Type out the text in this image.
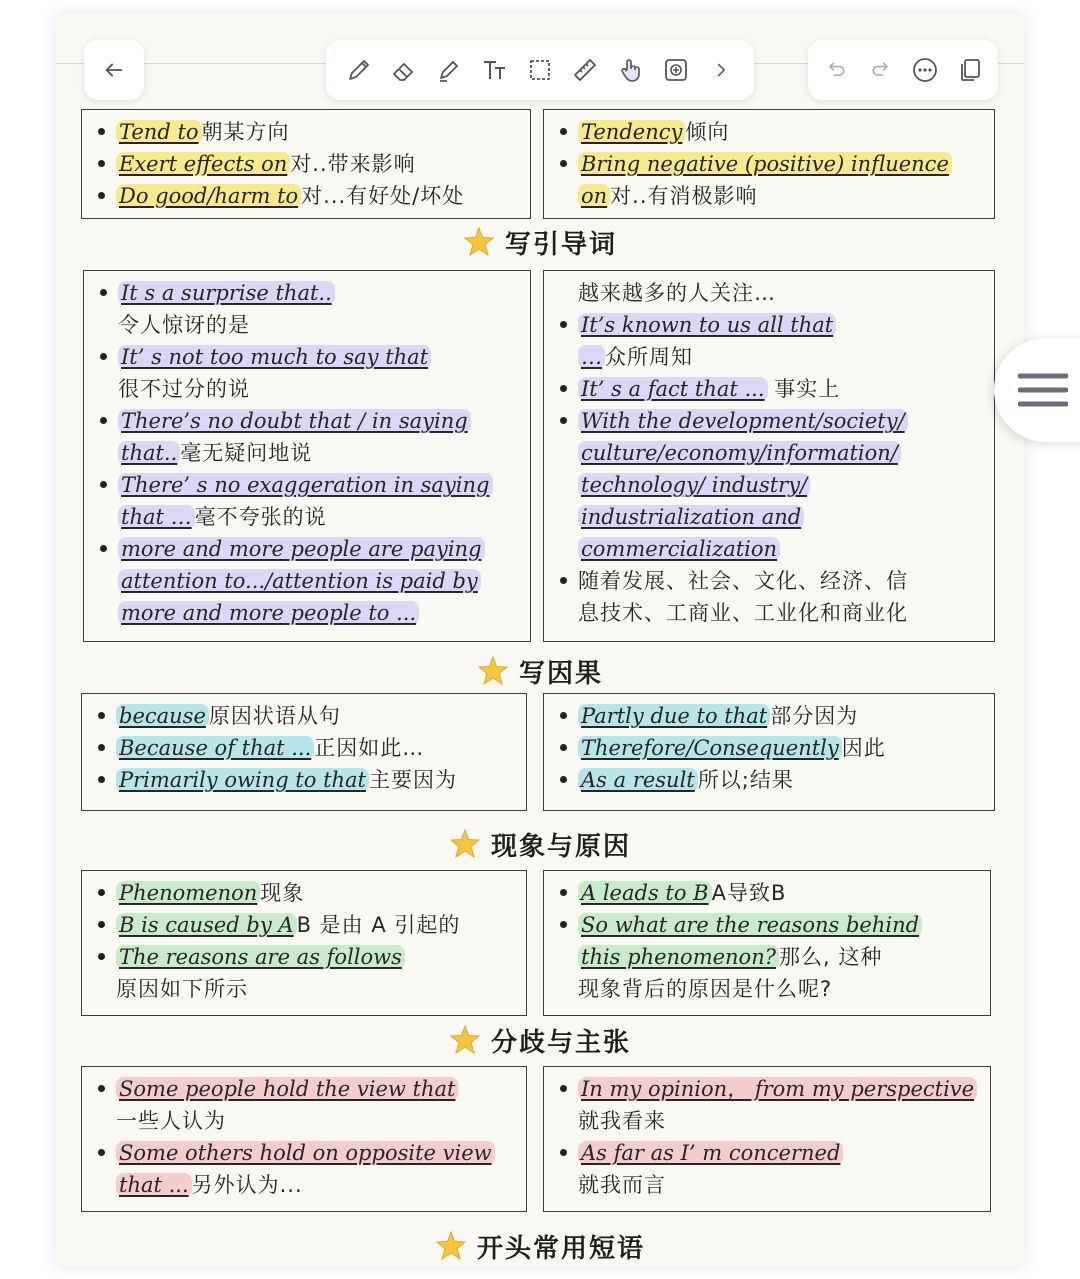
Tend to 朝某方向
Exert effects on 对..带来影响
Do good/harm to 对...有好处/坏处
Tendency 倾向
Bring negative (positive) influence
on 对..有消极影响
写引导词
It s a surprise that..
令人惊讶的是
It’ s not too much to say that
很不过分的说
There’s no doubt that / in saying
that.. 毫无疑问地说
There’ s no exaggeration in saying
that … 毫不夸张的说
more and more people are paying
attention to.../attention is paid by
more and more people to ...
越来越多的人关注…
It’s known to us all that
… 众所周知
It’ s a fact that ... 事实上
With the development/society/
culture/economy/information/
technology/ industry/
industrialization and
commercialization
随着发展、社会、文化、经济、信
息技术、工商业、工业化和商业化
写因果
because 原因状语从句
Because of that ... 正因如此…
Primarily owing to that 主要因为
Partly due to that 部分因为
Therefore/Consequently 因此
As a result 所以;结果
现象与原因
Phenomenon 现象
B is caused by A B 是由 A 引起的
The reasons are as follows
原因如下所示
A leads to B A导致B
So what are the reasons behind
this phenomenon? 那么, 这种
现象背后的原因是什么呢?
分歧与主张
Some people hold the view that
一些人认为
Some others hold on opposite view
that ... 另外认为...
In my opinion， from my perspective
就我看来
As far as I’ m concerned
就我而言
开头常用短语
